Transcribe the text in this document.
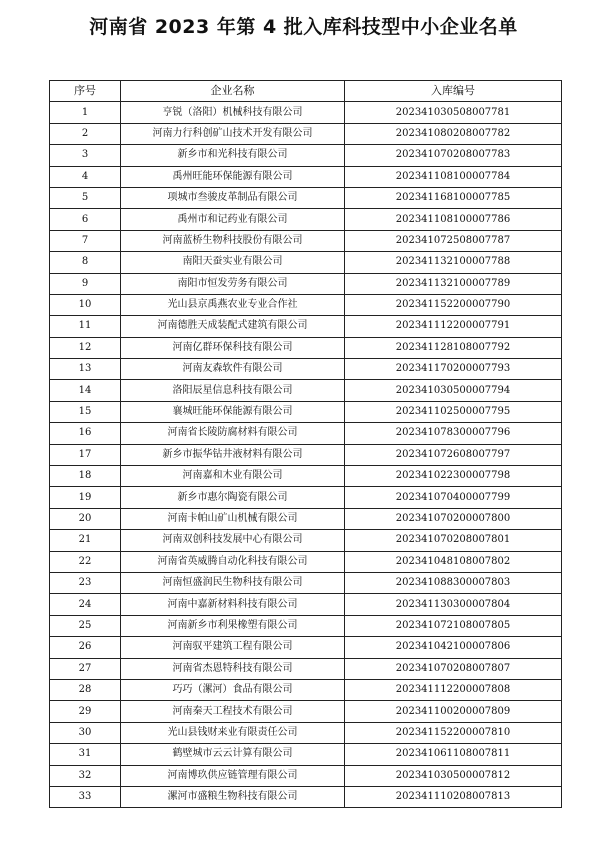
河南省 2023 年第 4 批入库科技型中小企业名单
序号	企业名称	入库编号
1	亨锐（洛阳）机械科技有限公司	202341030508007781
2	河南力行科创矿山技术开发有限公司	202341080208007782
3	新乡市和光科技有限公司	202341070208007783
4	禹州旺能环保能源有限公司	202341108100007784
5	项城市叁骏皮革制品有限公司	202341168100007785
6	禹州市和记药业有限公司	202341108100007786
7	河南蓝桥生物科技股份有限公司	202341072508007787
8	南阳天蚕实业有限公司	202341132100007788
9	南阳市恒发劳务有限公司	202341132100007789
10	光山县京禹燕农业专业合作社	202341152200007790
11	河南德胜天成装配式建筑有限公司	202341112200007791
12	河南亿群环保科技有限公司	202341128108007792
13	河南友森软件有限公司	202341170200007793
14	洛阳辰星信息科技有限公司	202341030500007794
15	襄城旺能环保能源有限公司	202341102500007795
16	河南省长陵防腐材料有限公司	202341078300007796
17	新乡市振华钻井液材料有限公司	202341072608007797
18	河南嘉和木业有限公司	202341022300007798
19	新乡市惠尔陶瓷有限公司	202341070400007799
20	河南卡帕山矿山机械有限公司	202341070200007800
21	河南双创科技发展中心有限公司	202341070208007801
22	河南省英威腾自动化科技有限公司	202341048108007802
23	河南恒盛润民生物科技有限公司	202341088300007803
24	河南中嘉新材料科技有限公司	202341130300007804
25	河南新乡市利果橡塑有限公司	202341072108007805
26	河南驭平建筑工程有限公司	202341042100007806
27	河南省杰恩特科技有限公司	202341070208007807
28	巧巧（漯河）食品有限公司	202341112200007808
29	河南秦天工程技术有限公司	202341100200007809
30	光山县钱财来业有限责任公司	202341152200007810
31	鹤壁城市云云计算有限公司	202341061108007811
32	河南博玖供应链管理有限公司	202341030500007812
33	漯河市盛粮生物科技有限公司	202341110208007813
